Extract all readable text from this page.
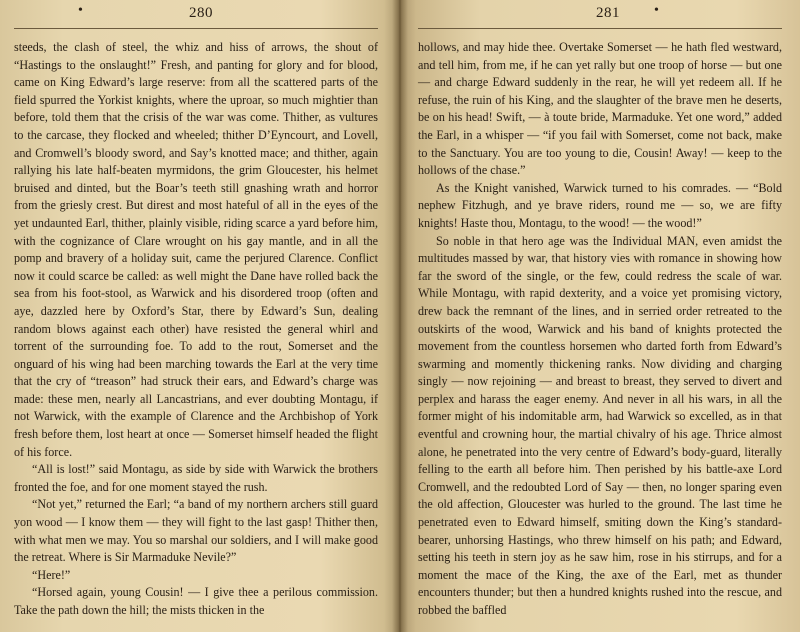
•	280

steeds, the clash of steel, the whiz and hiss of arrows, the shout of “Hastings to the onslaught!” Fresh, and panting for glory and for blood, came on King Edward’s large reserve: from all the scattered parts of the field spurred the Yorkist knights, where the uproar, so much mightier than before, told them that the crisis of the war was come. Thither, as vultures to the carcase, they flocked and wheeled; thither D’Eyncourt, and Lovell, and Cromwell’s bloody sword, and Say’s knotted mace; and thither, again rallying his late half-beaten myrmidons, the grim Gloucester, his helmet bruised and dinted, but the Boar’s teeth still gnashing wrath and horror from the griesly crest. But direst and most hateful of all in the eyes of the yet undaunted Earl, thither, plainly visible, riding scarce a yard before him, with the cognizance of Clare wrought on his gay mantle, and in all the pomp and bravery of a holiday suit, came the perjured Clarence. Conflict now it could scarce be called: as well might the Dane have rolled back the sea from his foot-stool, as Warwick and his disordered troop (often and aye, dazzled here by Oxford’s Star, there by Edward’s Sun, dealing random blows against each other) have resisted the general whirl and torrent of the surrounding foe. To add to the rout, Somerset and the onguard of his wing had been marching towards the Earl at the very time that the cry of “treason” had struck their ears, and Edward’s charge was made: these men, nearly all Lancastrians, and ever doubting Montagu, if not Warwick, with the example of Clarence and the Archbishop of York fresh before them, lost heart at once — Somerset himself headed the flight of his force.

“All is lost!” said Montagu, as side by side with Warwick the brothers fronted the foe, and for one moment stayed the rush.

“Not yet,” returned the Earl; “a band of my northern archers still guard yon wood — I know them — they will fight to the last gasp! Thither then, with what men we may. You so marshal our soldiers, and I will make good the retreat. Where is Sir Marmaduke Nevile?”

“Here!”

“Horsed again, young Cousin! — I give thee a perilous commission. Take the path down the hill; the mists thicken in the

281 •

hollows, and may hide thee. Overtake Somerset — he hath fled westward, and tell him, from me, if he can yet rally but one troop of horse — but one — and charge Edward suddenly in the rear, he will yet redeem all. If he refuse, the ruin of his King, and the slaughter of the brave men he deserts, be on his head! Swift, — à toute bride, Marmaduke. Yet one word,” added the Earl, in a whisper — “if you fail with Somerset, come not back, make to the Sanctuary. You are too young to die, Cousin! Away! — keep to the hollows of the chase.”

As the Knight vanished, Warwick turned to his comrades. — “Bold nephew Fitzhugh, and ye brave riders, round me — so, we are fifty knights! Haste thou, Montagu, to the wood! — the wood!”

So noble in that hero age was the Individual MAN, even amidst the multitudes massed by war, that history vies with romance in showing how far the sword of the single, or the few, could redress the scale of war. While Montagu, with rapid dexterity, and a voice yet promising victory, drew back the remnant of the lines, and in serried order retreated to the outskirts of the wood, Warwick and his band of knights protected the movement from the countless horsemen who darted forth from Edward’s swarming and momently thickening ranks. Now dividing and charging singly — now rejoining — and breast to breast, they served to divert and perplex and harass the eager enemy. And never in all his wars, in all the former might of his indomitable arm, had Warwick so excelled, as in that eventful and crowning hour, the martial chivalry of his age. Thrice almost alone, he penetrated into the very centre of Edward’s body-guard, literally felling to the earth all before him. Then perished by his battle-axe Lord Cromwell, and the redoubted Lord of Say — then, no longer sparing even the old affection, Gloucester was hurled to the ground. The last time he penetrated even to Edward himself, smiting down the King’s standard-bearer, unhorsing Hastings, who threw himself on his path; and Edward, setting his teeth in stern joy as he saw him, rose in his stirrups, and for a moment the mace of the King, the axe of the Earl, met as thunder encounters thunder; but then a hundred knights rushed into the rescue, and robbed the baffled
